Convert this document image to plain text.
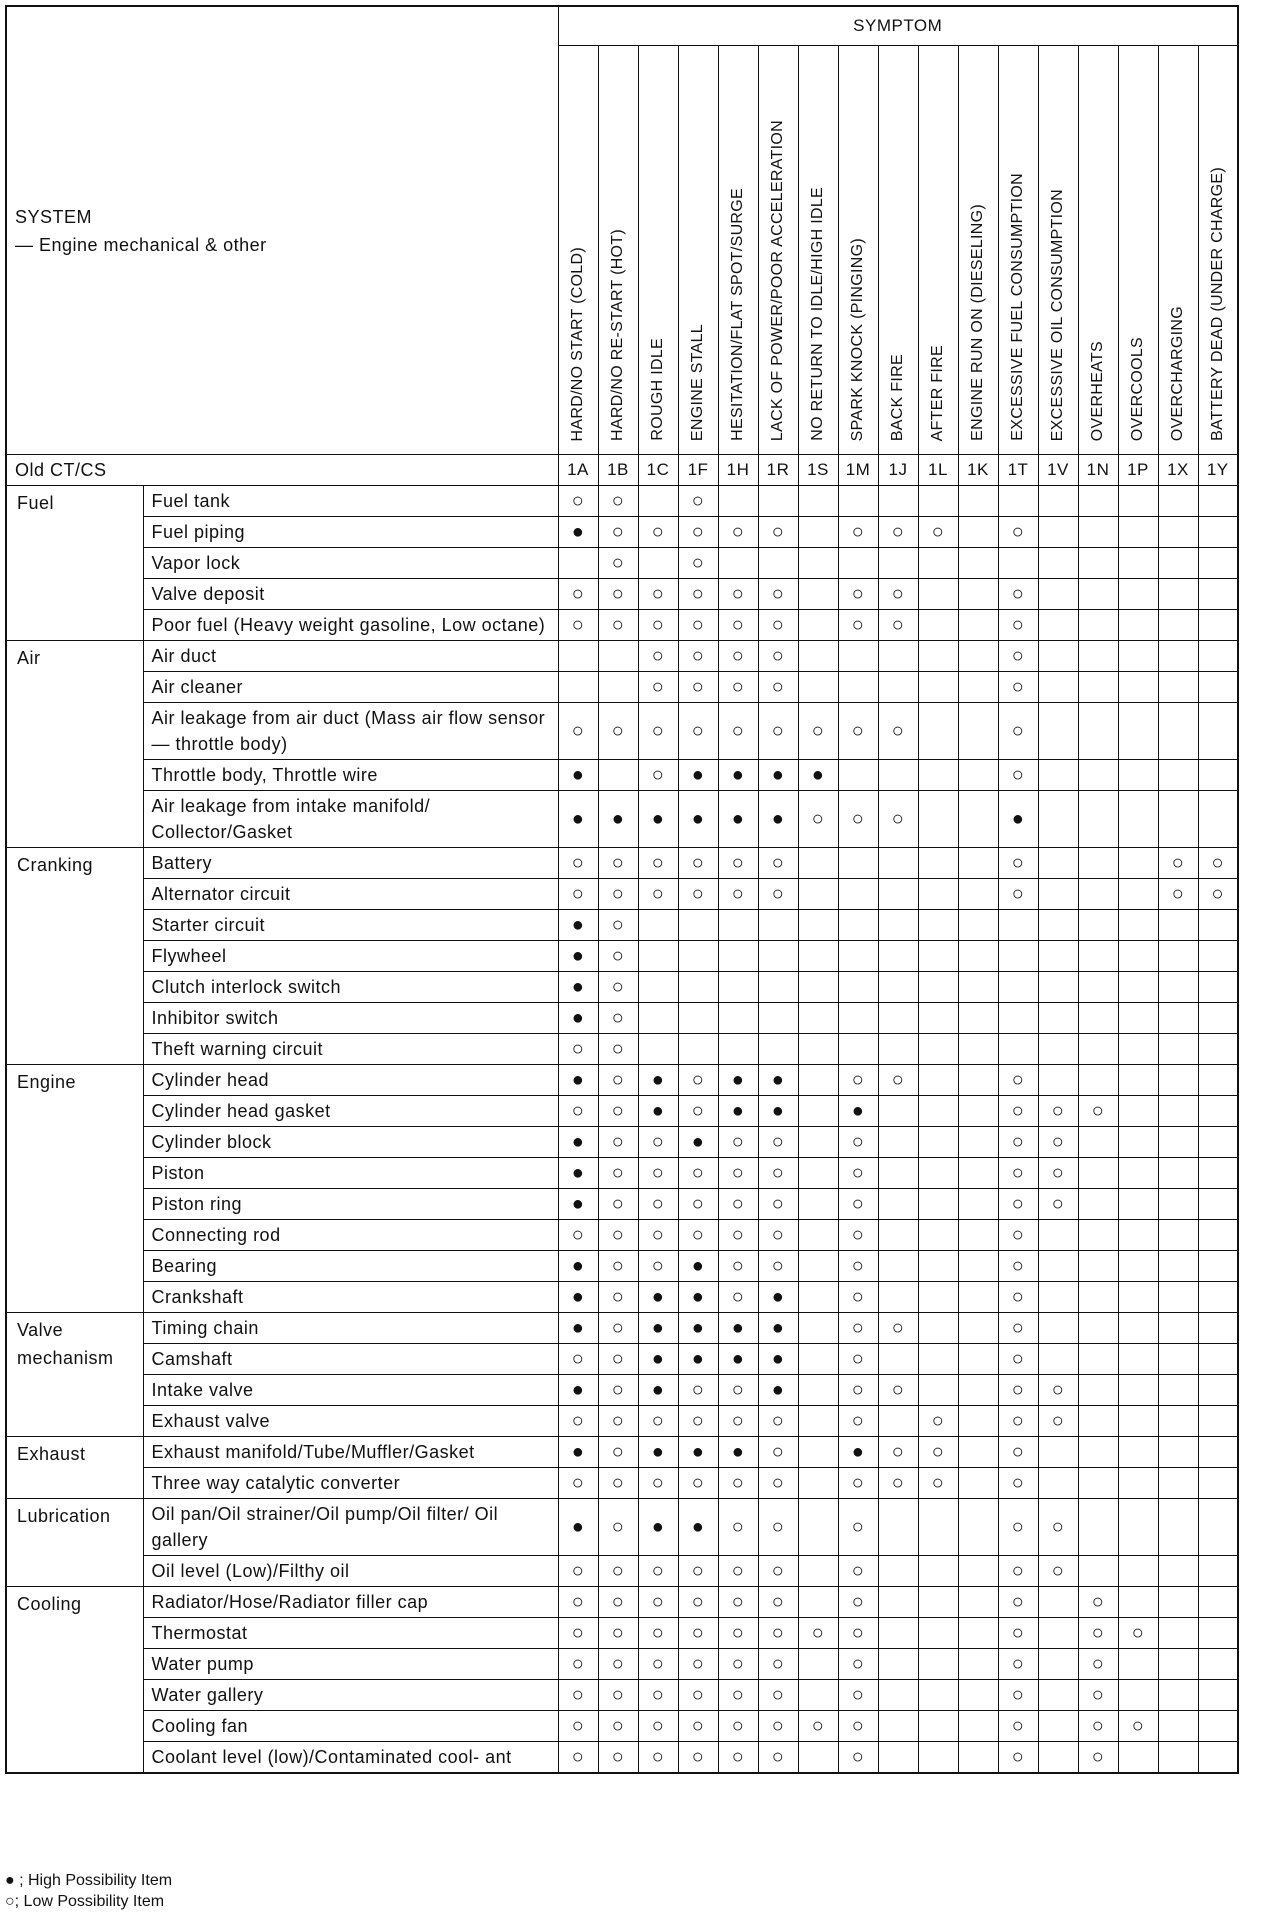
SYSTEM
— Engine mechanical & other		SYMPTOM																
		HARD/NO START (COLD)	HARD/NO RE-START (HOT)	ROUGH IDLE	ENGINE STALL	HESITATION/FLAT SPOT/SURGE	LACK OF POWER/POOR ACCELERATION	NO RETURN TO IDLE/HIGH IDLE	SPARK KNOCK (PINGING)	BACK FIRE	AFTER FIRE	ENGINE RUN ON (DIESELING)	EXCESSIVE FUEL CONSUMPTION	EXCESSIVE OIL CONSUMPTION	OVERHEATS	OVERCOOLS	OVERCHARGING	BATTERY DEAD (UNDER CHARGE)
Old CT/CS		1A	1B	1C	1F	1H	1R	1S	1M	1J	1L	1K	1T	1V	1N	1P	1X	1Y
Fuel	Fuel tank	○	○		○													
	Fuel piping	●	○	○	○	○	○		○	○	○		○					
	Vapor lock		○		○													
	Valve deposit	○	○	○	○	○	○		○	○			○					
	Poor fuel (Heavy weight gasoline, Low octane)	○	○	○	○	○	○		○	○			○					
Air	Air duct			○	○	○	○						○					
	Air cleaner			○	○	○	○						○					
	Air leakage from air duct (Mass air flow sensor — throttle body)	○	○	○	○	○	○	○	○	○			○					
	Throttle body, Throttle wire	●		○	●	●	●	●					○					
	Air leakage from intake manifold/ Collector/Gasket	●	●	●	●	●	●	○	○	○			●					
Cranking	Battery	○	○	○	○	○	○						○				○	○
	Alternator circuit	○	○	○	○	○	○						○				○	○
	Starter circuit	●	○															
	Flywheel	●	○															
	Clutch interlock switch	●	○															
	Inhibitor switch	●	○															
	Theft warning circuit	○	○															
Engine	Cylinder head	●	○	●	○	●	●		○	○			○					
	Cylinder head gasket	○	○	●	○	●	●		●				○	○	○			
	Cylinder block	●	○	○	●	○	○		○				○	○				
	Piston	●	○	○	○	○	○		○				○	○				
	Piston ring	●	○	○	○	○	○		○				○	○				
	Connecting rod	○	○	○	○	○	○		○				○					
	Bearing	●	○	○	●	○	○		○				○					
	Crankshaft	●	○	●	●	○	●		○				○					
Valve mechanism	Timing chain	●	○	●	●	●	●		○	○			○					
	Camshaft	○	○	●	●	●	●		○				○					
	Intake valve	●	○	●	○	○	●		○	○			○	○				
	Exhaust valve	○	○	○	○	○	○		○		○		○	○				
Exhaust	Exhaust manifold/Tube/Muffler/Gasket	●	○	●	●	●	○		●	○	○		○					
	Three way catalytic converter	○	○	○	○	○	○		○	○	○		○					
Lubrication	Oil pan/Oil strainer/Oil pump/Oil filter/ Oil gallery	●	○	●	●	○	○		○				○	○				
	Oil level (Low)/Filthy oil	○	○	○	○	○	○		○				○	○				
Cooling	Radiator/Hose/Radiator filler cap	○	○	○	○	○	○		○				○		○			
	Thermostat	○	○	○	○	○	○	○	○				○		○	○		
	Water pump	○	○	○	○	○	○		○				○		○			
	Water gallery	○	○	○	○	○	○		○				○		○			
	Cooling fan	○	○	○	○	○	○	○	○				○		○	○		
	Coolant level (low)/Contaminated cool- ant	○	○	○	○	○	○		○				○		○			
● ; High Possibility Item
○; Low Possibility Item
